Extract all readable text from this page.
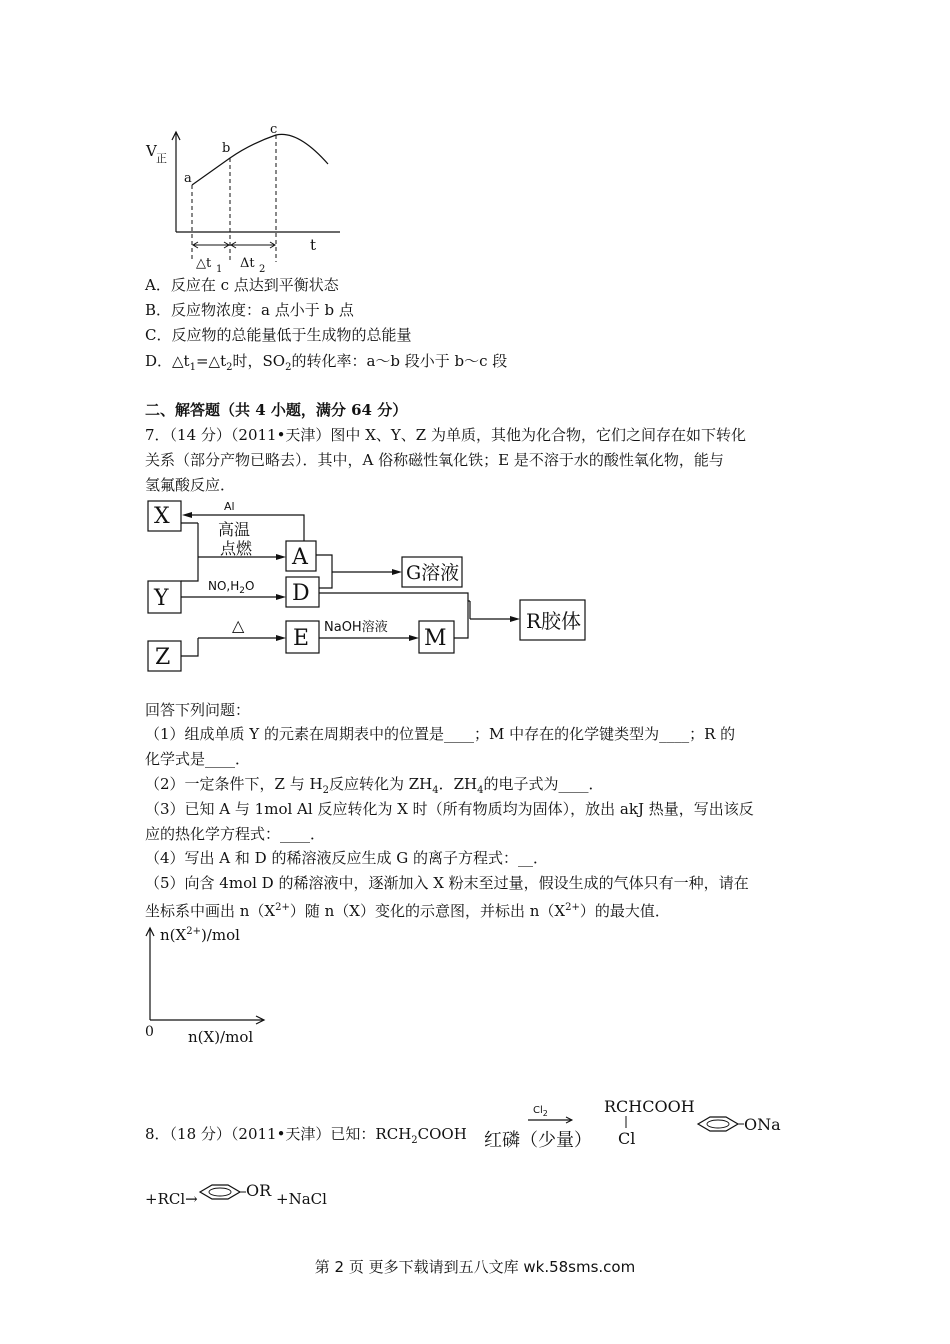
V 正
t
a
b
c
△t 1 Δt 2
A．反应在 c 点达到平衡状态
B．反应物浓度：a 点小于 b 点
C．反应物的总能量低于生成物的总能量
D．$\triangle t_1=\triangle t_2$时，$SO_2$的转化率：a～b 段小于 b～c 段
二、解答题（共 4 小题，满分 64 分）
7．（14 分）（2011•天津）图中 X、Y、Z 为单质，其他为化合物，它们之间存在如下转化
关系（部分产物已略去）．其中，A 俗称磁性氧化铁；E 是不溶于水的酸性氧化物，能与
氢氟酸反应．
X
Y
Z
A
D
E	M
G溶液
R胶体
Al
高温
点燃
$NO,H_2O$
△	NaOH溶液
回答下列问题：
（1）组成单质 Y 的元素在周期表中的位置是____；M 中存在的化学键类型为____；R 的
化学式是____．
（2）一定条件下，Z 与 $H_2$反应转化为 $ZH_4$．$ZH_4$的电子式为____．
（3）已知 A 与 1mol Al 反应转化为 X 时（所有物质均为固体），放出 akJ 热量，写出该反
应的热化学方程式：____．
（4）写出 A 和 D 的稀溶液反应生成 G 的离子方程式：__．
（5）向含 4mol D 的稀溶液中，逐渐加入 X 粉末至过量，假设生成的气体只有一种，请在
坐标系中画出 $n(X^{2+})$随 n（X）变化的示意图，并标出 $n(X^{2+})$的最大值．
$n(X^{2+})$/mol
0 n(X)/mol
8．（18 分）（2011•天津）已知：$RCH_2COOH$
$Cl_2$
红磷（少量）
RCHCOOH
Cl
ONa
+RCl→	OR +NaCl
第 2 页 更多下载请到五八文库 wk.58sms.com
